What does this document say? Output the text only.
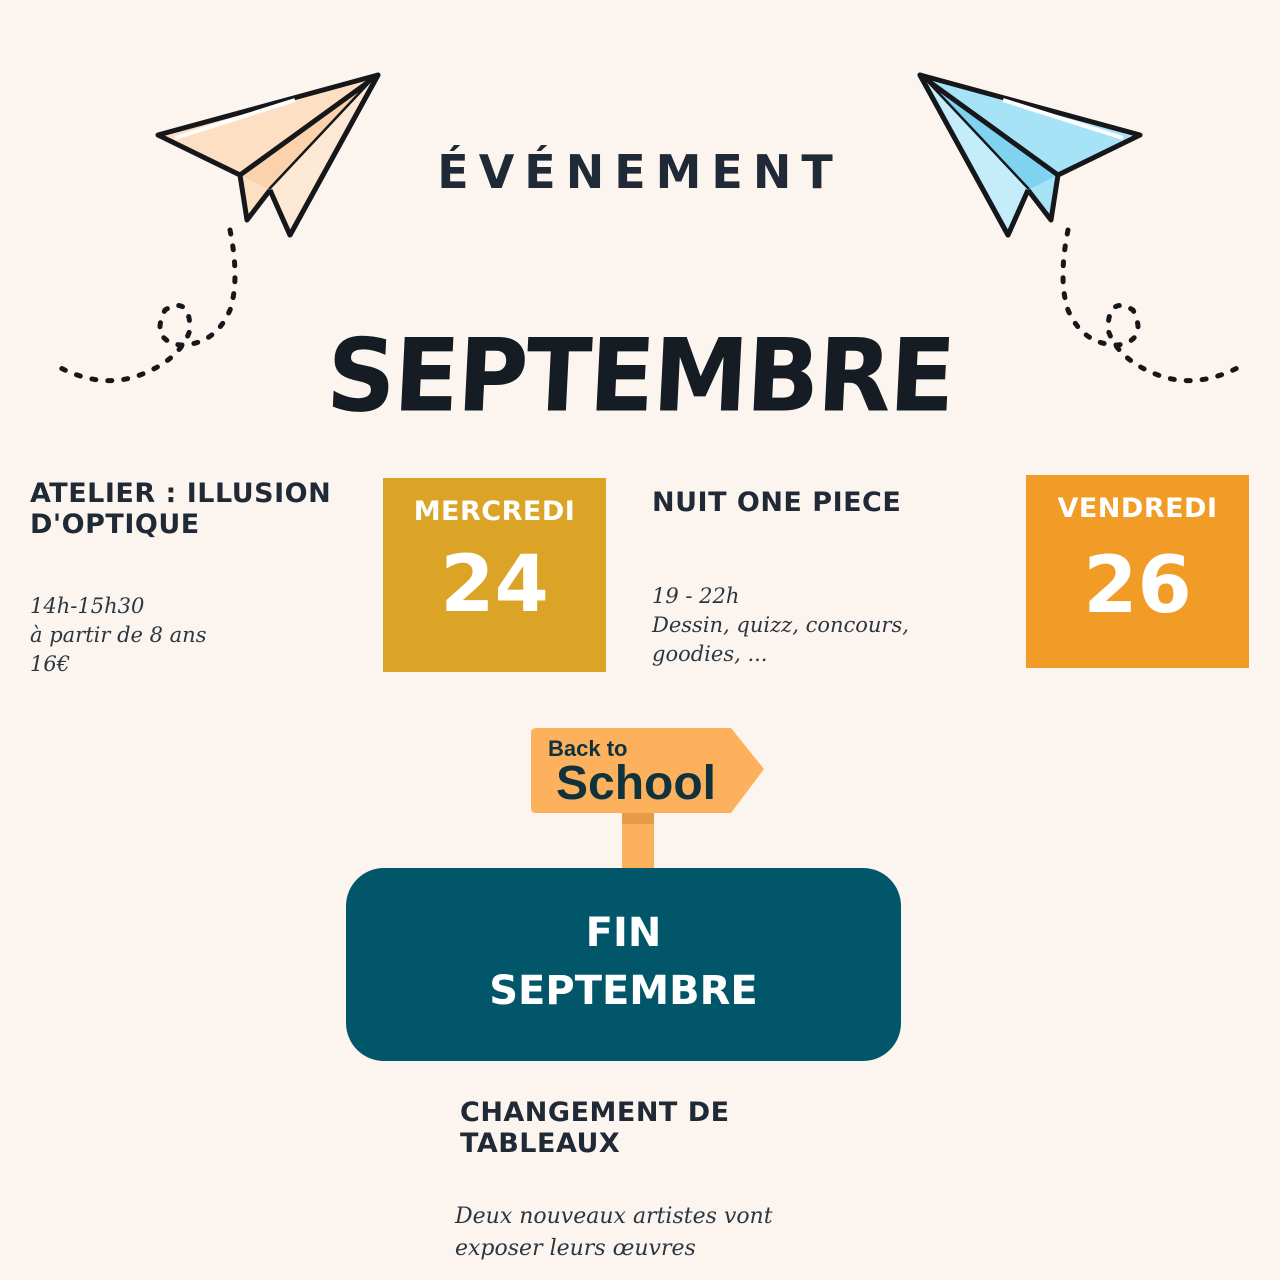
ÉVÉNEMENT
SEPTEMBRE
ATELIER : ILLUSION
D'OPTIQUE
14h-15h30
à partir de 8 ans
16€
MERCREDI
24
NUIT ONE PIECE
19 - 22h
Dessin, quizz, concours,
goodies, ...
VENDREDI
26
Back to
School
FIN
SEPTEMBRE
CHANGEMENT DE
TABLEAUX
Deux nouveaux artistes vont
exposer leurs œuvres
